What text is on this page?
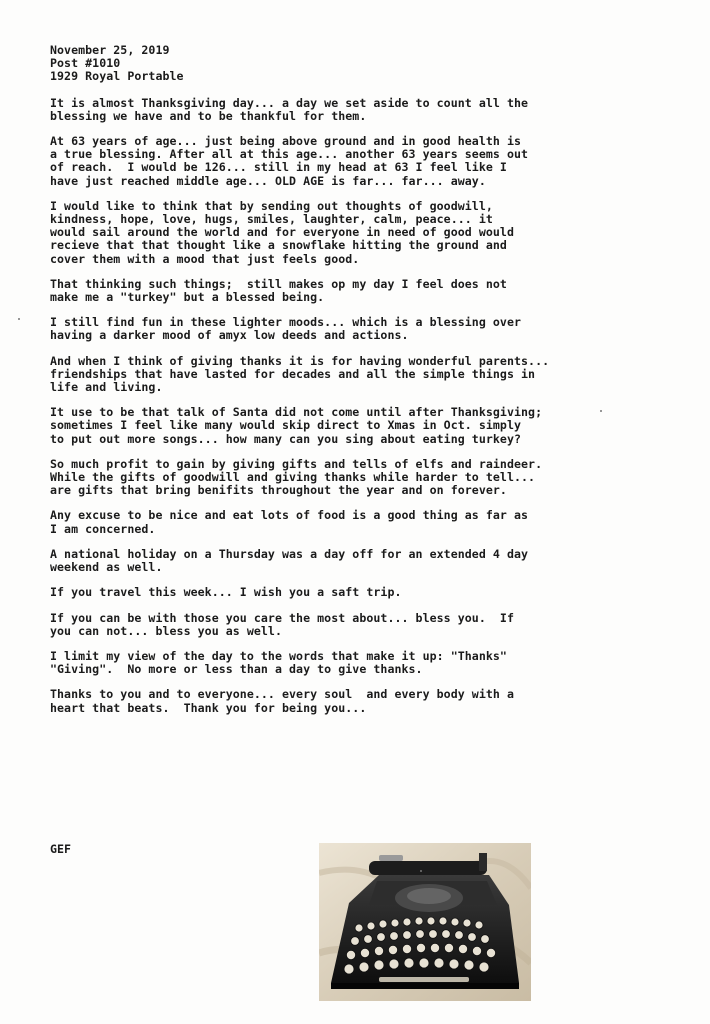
November 25, 2019
Post #1010
1929 Royal Portable
It is almost Thanksgiving day... a day we set aside to count all the
blessing we have and to be thankful for them.
At 63 years of age... just being above ground and in good health is
a true blessing. After all at this age... another 63 years seems out
of reach.  I would be 126... still in my head at 63 I feel like I
have just reached middle age... OLD AGE is far... far... away.
I would like to think that by sending out thoughts of goodwill,
kindness, hope, love, hugs, smiles, laughter, calm, peace... it
would sail around the world and for everyone in need of good would
recieve that that thought like a snowflake hitting the ground and
cover them with a mood that just feels good.
That thinking such things;  still makes op my day I feel does not
make me a "turkey" but a blessed being.
I still find fun in these lighter moods... which is a blessing over
having a darker mood of amyx low deeds and actions.
And when I think of giving thanks it is for having wonderful parents...
friendships that have lasted for decades and all the simple things in
life and living.
It use to be that talk of Santa did not come until after Thanksgiving;
sometimes I feel like many would skip direct to Xmas in Oct. simply
to put out more songs... how many can you sing about eating turkey?
So much profit to gain by giving gifts and tells of elfs and raindeer.
While the gifts of goodwill and giving thanks while harder to tell...
are gifts that bring benifits throughout the year and on forever.
Any excuse to be nice and eat lots of food is a good thing as far as
I am concerned.
A national holiday on a Thursday was a day off for an extended 4 day
weekend as well.
If you travel this week... I wish you a saft trip.
If you can be with those you care the most about... bless you.  If
you can not... bless you as well.
I limit my view of the day to the words that make it up: "Thanks"
"Giving".  No more or less than a day to give thanks.
Thanks to you and to everyone... every soul  and every body with a
heart that beats.  Thank you for being you...
GEF
